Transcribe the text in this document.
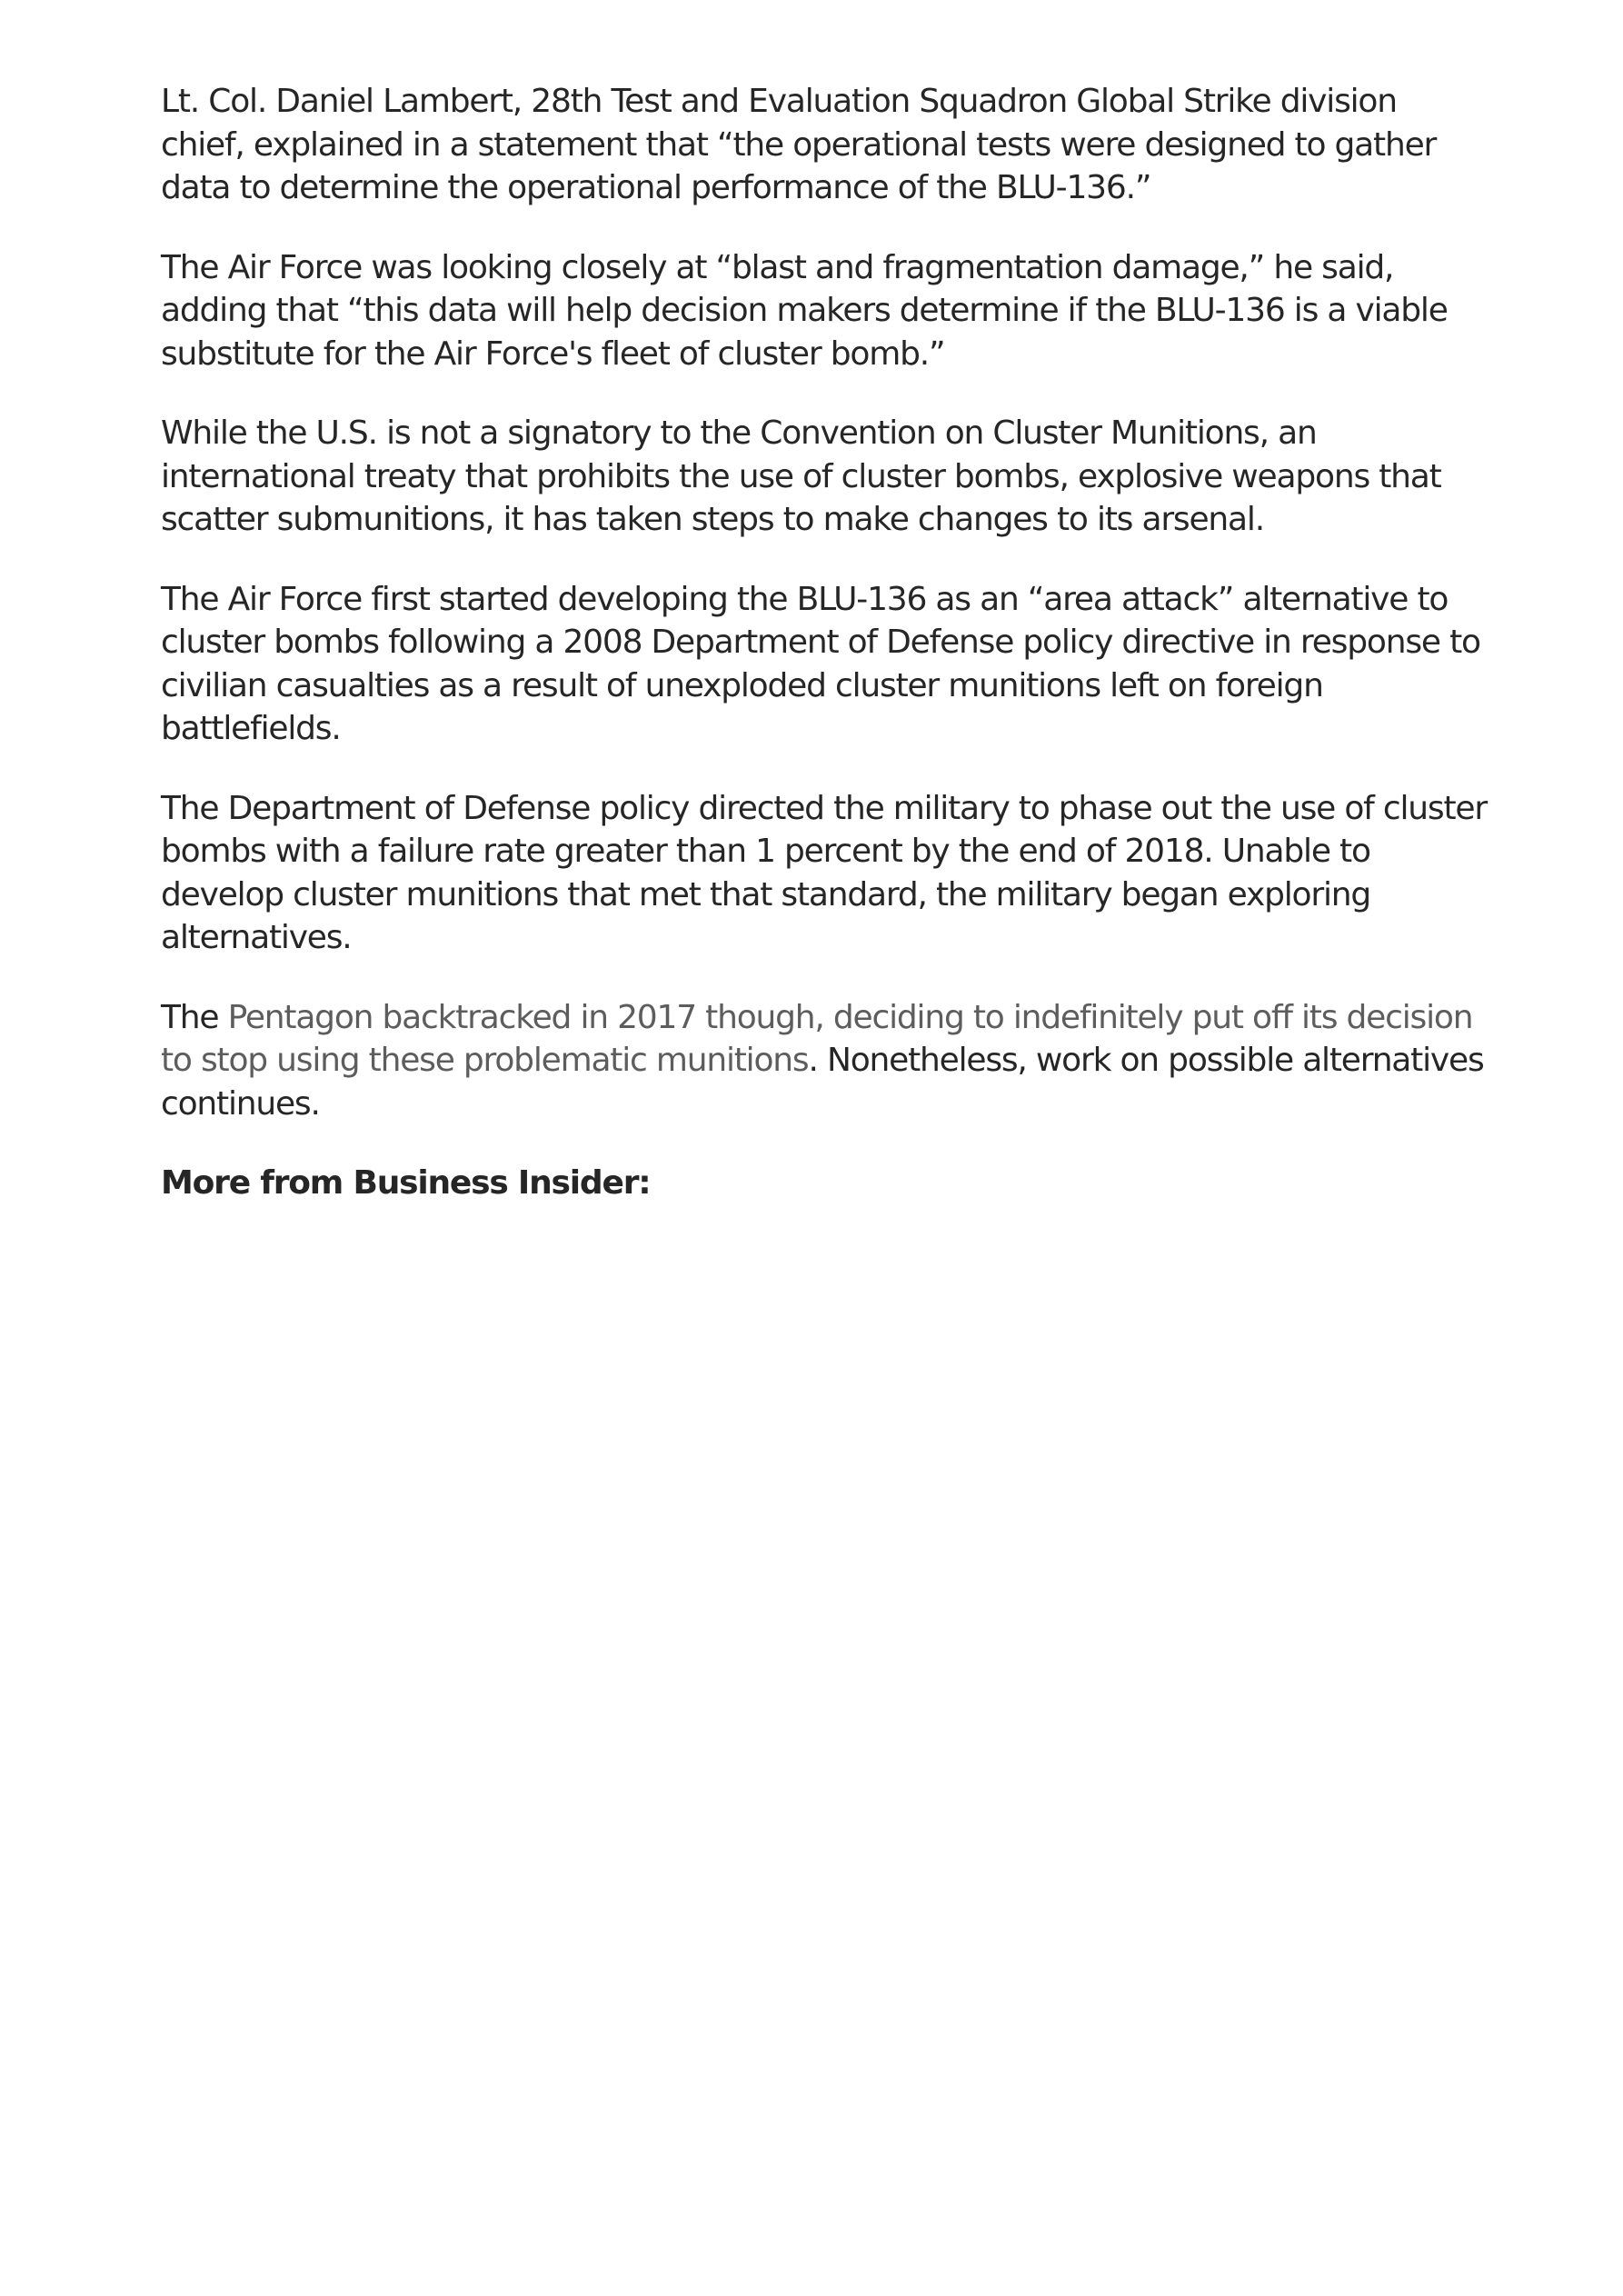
Lt. Col. Daniel Lambert, 28th Test and Evaluation Squadron Global Strike division chief, explained in a statement that “the operational tests were designed to gather data to determine the operational performance of the BLU-136.”

The Air Force was looking closely at “blast and fragmentation damage,” he said, adding that “this data will help decision makers determine if the BLU-136 is a viable substitute for the Air Force's fleet of cluster bomb.”

While the U.S. is not a signatory to the Convention on Cluster Munitions, an international treaty that prohibits the use of cluster bombs, explosive weapons that scatter submunitions, it has taken steps to make changes to its arsenal.

The Air Force first started developing the BLU-136 as an “area attack” alternative to cluster bombs following a 2008 Department of Defense policy directive in response to civilian casualties as a result of unexploded cluster munitions left on foreign battlefields.

The Department of Defense policy directed the military to phase out the use of cluster bombs with a failure rate greater than 1 percent by the end of 2018. Unable to develop cluster munitions that met that standard, the military began exploring alternatives.

The Pentagon backtracked in 2017 though, deciding to indefinitely put off its decision to stop using these problematic munitions. Nonetheless, work on possible alternatives continues.

More from Business Insider:
